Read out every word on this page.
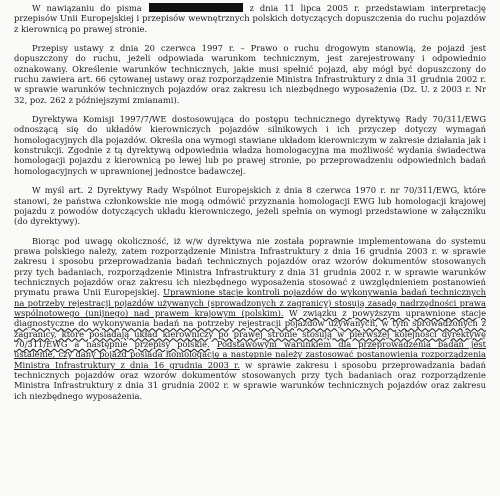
W nawiązaniu do pisma	z dnia 11 lipca 2005 r. przedstawiam interpretację przepisów Unii Europejskiej i przepisów wewnętrznych polskich dotyczących dopuszczenia do ruchu pojazdów z kierownicą po prawej stronie.

Przepisy ustawy z dnia 20 czerwca 1997 r. – Prawo o ruchu drogowym stanowią, że pojazd jest dopuszczony do ruchu, jeżeli odpowiada warunkom technicznym, jest zarejestrowany i odpowiednio oznakowany. Określenie warunków technicznych, jakie musi spełnić pojazd, aby mógł być dopuszczony do ruchu zawiera art. 66 cytowanej ustawy oraz rozporządzenie Ministra Infrastruktury z dnia 31 grudnia 2002 r. w sprawie warunków technicznych pojazdów oraz zakresu ich niezbędnego wyposażenia (Dz. U. z 2003 r. Nr 32, poz. 262 z późniejszymi zmianami).

Dyrektywa Komisji 1997/7/WE dostosowująca do postępu technicznego dyrektywę Rady 70/311/EWG odnoszącą się do układów kierowniczych pojazdów silnikowych i ich przyczep dotyczy wymagań homologacyjnych dla pojazdów. Określa ona wymogi stawiane układom kierowniczym w zakresie działania jak i konstrukcji. Zgodnie z tą dyrektywą odpowiednia władza homologacyjna ma możliwość wydania świadectwa homologacji pojazdu z kierownicą po lewej lub po prawej stronie, po przeprowadzeniu odpowiednich badań homologacyjnych w uprawnionej jednostce badawczej.

W myśl art. 2 Dyrektywy Rady Wspólnot Europejskich z dnia 8 czerwca 1970 r. nr 70/311/EWG, które stanowi, że państwa członkowskie nie mogą odmówić przyznania homologacji EWG lub homologacji krajowej pojazdu z powodów dotyczących układu kierowniczego, jeżeli spełnia on wymogi przedstawione w załączniku (do dyrektywy).

Biorąc pod uwagę okoliczność, iż w/w dyrektywa nie została poprawnie implementowana do systemu prawa polskiego należy, zatem rozporządzenie Ministra Infrastruktury z dnia 16 grudnia 2003 r. w sprawie zakresu i sposobu przeprowadzania badań technicznych pojazdów oraz wzorów dokumentów stosowanych przy tych badaniach, rozporządzenie Ministra Infrastruktury z dnia 31 grudnia 2002 r. w sprawie warunków technicznych pojazdów oraz zakresu ich niezbędnego wyposażenia stosować z uwzględnieniem postanowień prymatu prawa Unii Europejskiej. Uprawnione stacje kontroli pojazdów do wykonywania badań technicznych na potrzeby rejestracji pojazdów używanych (sprowadzonych z zagranicy) stosują zasadę nadrzędności prawa wspólnotowego (unijnego) nad prawem krajowym (polskim). W związku z powyższym uprawnione stacje diagnostyczne do wykonywania badań na potrzeby rejestracji pojazdów używanych, w tym sprowadzonych z zagranicy, które posiadają układ kierowniczy po prawej stronie stosują w pierwszej kolejności dyrektywę 70/311/EWG a następnie przepisy polskie. Podstawowym warunkiem dla przeprowadzenia badań jest ustalenie, czy dany pojazd posiada homologację a następnie należy zastosować postanowienia rozporządzenia Ministra Infrastruktury z dnia 16 grudnia 2003 r. w sprawie zakresu i sposobu przeprowadzania badań technicznych pojazdów oraz wzorów dokumentów stosowanych przy tych badaniach oraz rozporządzenie Ministra Infrastruktury z dnia 31 grudnia 2002 r. w sprawie warunków technicznych pojazdów oraz zakresu ich niezbędnego wyposażenia.
